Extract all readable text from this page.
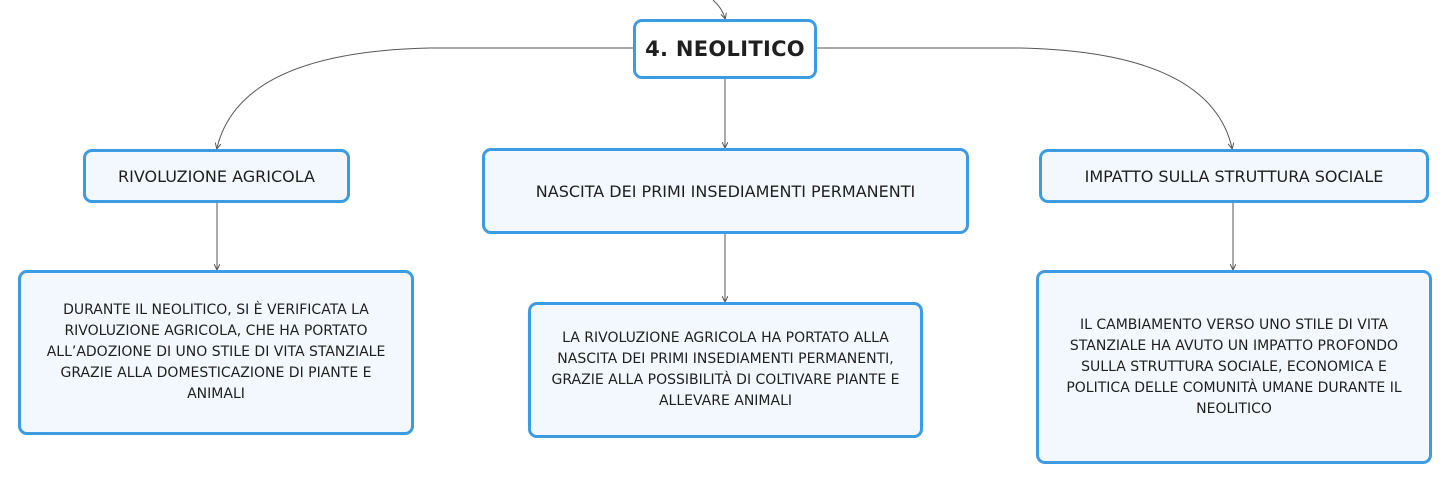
4. NEOLITICO
RIVOLUZIONE AGRICOLA
NASCITA DEI PRIMI INSEDIAMENTI PERMANENTI
IMPATTO SULLA STRUTTURA SOCIALE
DURANTE IL NEOLITICO, SI È VERIFICATA LA RIVOLUZIONE AGRICOLA, CHE HA PORTATO ALL’ADOZIONE DI UNO STILE DI VITA STANZIALE GRAZIE ALLA DOMESTICAZIONE DI PIANTE E ANIMALI
LA RIVOLUZIONE AGRICOLA HA PORTATO ALLA NASCITA DEI PRIMI INSEDIAMENTI PERMANENTI, GRAZIE ALLA POSSIBILITÀ DI COLTIVARE PIANTE E ALLEVARE ANIMALI
IL CAMBIAMENTO VERSO UNO STILE DI VITA STANZIALE HA AVUTO UN IMPATTO PROFONDO SULLA STRUTTURA SOCIALE, ECONOMICA E POLITICA DELLE COMUNITÀ UMANE DURANTE IL NEOLITICO
